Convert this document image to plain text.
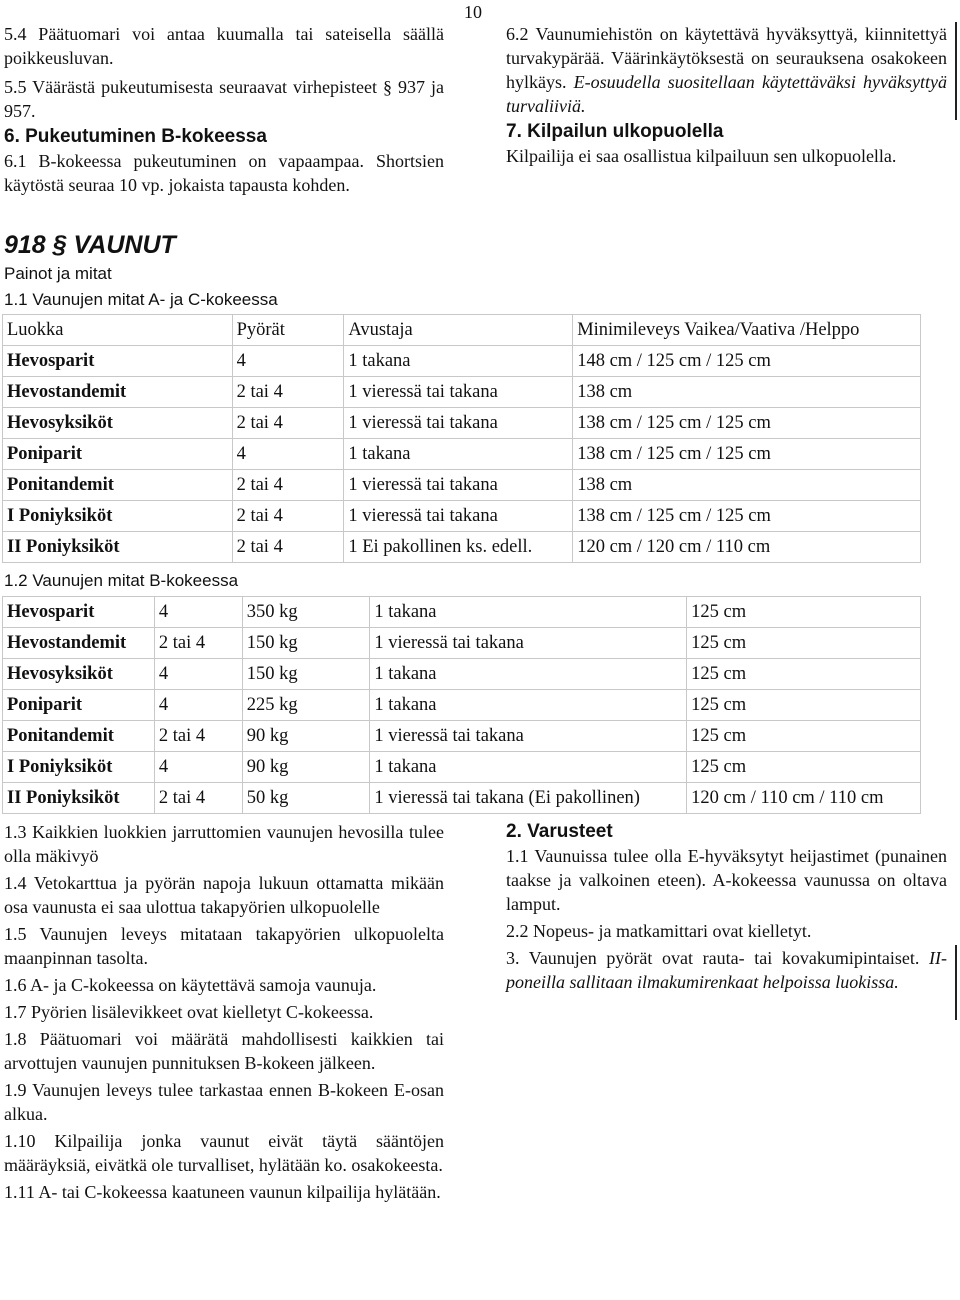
10

5.4 Päätuomari voi antaa kuumalla tai sateisella säällä poikkeusluvan.

5.5 Väärästä pukeutumisesta seuraavat virhepisteet § 937 ja 957.

6. Pukeutuminen B-kokeessa

6.1 B-kokeessa pukeutuminen on vapaampaa. Shortsien käytöstä seuraa 10 vp. jokaista tapausta kohden.

6.2 Vaunumiehistön on käytettävä hyväksyttyä, kiinnitettyä turvakypärää. Väärinkäytöksestä on seurauksena osakokeen hylkäys. E-osuudella suositellaan käytettäväksi hyväksyttyä turvaliiviä.

7. Kilpailun ulkopuolella

Kilpailija ei saa osallistua kilpailuun sen ulkopuolella.

918 § VAUNUT
Painot ja mitat
1.1 Vaunujen mitat A- ja C-kokeessa
Luokka	Pyörät	Avustaja	Minimileveys Vaikea/Vaativa /Helppo
Hevosparit	4	1 takana	148 cm / 125 cm / 125 cm
Hevostandemit	2 tai 4	1 vieressä tai takana	138 cm
Hevosyksiköt	2 tai 4	1 vieressä tai takana	138 cm / 125 cm / 125 cm
Poniparit	4	1 takana	138 cm / 125 cm / 125 cm
Ponitandemit	2 tai 4	1 vieressä tai takana	138 cm
I Poniyksiköt	2 tai 4	1 vieressä tai takana	138 cm / 125 cm / 125 cm
II Poniyksiköt	2 tai 4	1 Ei pakollinen ks. edell.	120 cm / 120 cm / 110 cm
1.2 Vaunujen mitat B-kokeessa
Hevosparit	4	350 kg	1 takana	125 cm
Hevostandemit	2 tai 4	150 kg	1 vieressä tai takana	125 cm
Hevosyksiköt	4	150 kg	1 takana	125 cm
Poniparit	4	225 kg	1 takana	125 cm
Ponitandemit	2 tai 4	90 kg	1 vieressä tai takana	125 cm
I Poniyksiköt	4	90 kg	1 takana	125 cm
II Poniyksiköt	2 tai 4	50 kg	1 vieressä tai takana (Ei pakollinen)	120 cm / 110 cm / 110 cm

1.3 Kaikkien luokkien jarruttomien vaunujen hevosilla tulee olla mäkivyö

1.4 Vetokarttua ja pyörän napoja lukuun ottamatta mikään osa vaunusta ei saa ulottua takapyörien ulkopuolelle

1.5 Vaunujen leveys mitataan takapyörien ulkopuolelta maanpinnan tasolta.

1.6 A- ja C-kokeessa on käytettävä samoja vaunuja.

1.7 Pyörien lisälevikkeet ovat kielletyt C-kokeessa.

1.8 Päätuomari voi määrätä mahdollisesti kaikkien tai arvottujen vaunujen punnituksen B-kokeen jälkeen.

1.9 Vaunujen leveys tulee tarkastaa ennen B-kokeen E-osan alkua.

1.10 Kilpailija jonka vaunut eivät täytä sääntöjen määräyksiä, eivätkä ole turvalliset, hylätään ko. osakokeesta.

1.11 A- tai C-kokeessa kaatuneen vaunun kilpailija hylätään.

2. Varusteet

1.1 Vaunuissa tulee olla E-hyväksytyt heijastimet (punainen taakse ja valkoinen eteen). A-kokeessa vaunussa on oltava lamput.

2.2 Nopeus- ja matkamittari ovat kielletyt.

3. Vaunujen pyörät ovat rauta- tai kovakumipintaiset. II-poneilla sallitaan ilmakumirenkaat helpoissa luokissa.
